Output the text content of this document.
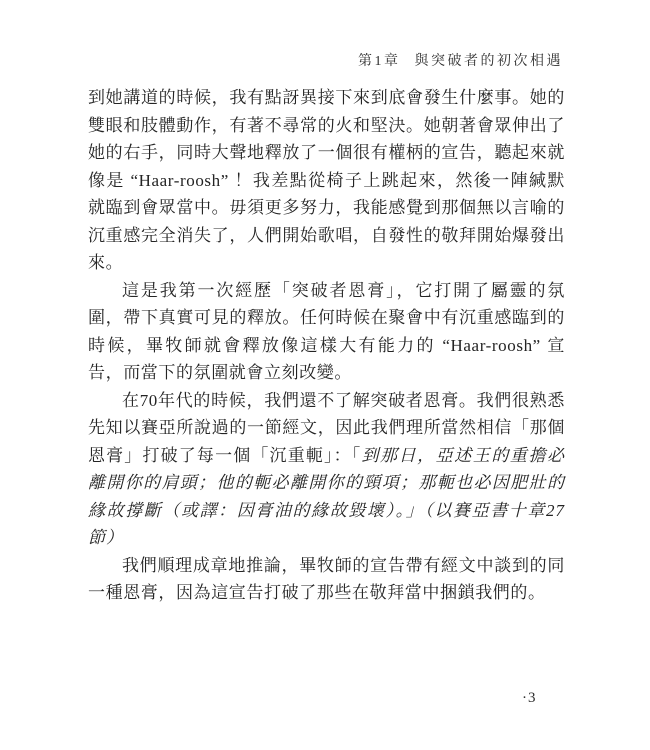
第1章 與突破者的初次相遇

到她講道的時候，我有點訝異接下來到底會發生什麼事。她的雙眼和肢體動作，有著不尋常的火和堅決。她朝著會眾伸出了她的右手，同時大聲地釋放了一個很有權柄的宣告，聽起來就像是 “Haar-roosh” ！我差點從椅子上跳起來，然後一陣緘默就臨到會眾當中。毋須更多努力，我能感覺到那個無以言喻的沉重感完全消失了，人們開始歌唱，自發性的敬拜開始爆發出來。

這是我第一次經歷「突破者恩膏」，它打開了屬靈的氛圍，帶下真實可見的釋放。任何時候在聚會中有沉重感臨到的時候，畢牧師就會釋放像這樣大有能力的 “Haar-roosh” 宣告，而當下的氛圍就會立刻改變。

在70年代的時候，我們還不了解突破者恩膏。我們很熟悉先知以賽亞所說過的一節經文，因此我們理所當然相信「那個恩膏」打破了每一個「沉重軛」：「到那日，亞述王的重擔必離開你的肩頭；他的軛必離開你的頸項；那軛也必因肥壯的緣故撐斷（或譯：因膏油的緣故毀壞）。」（以賽亞書十章27節）

我們順理成章地推論，畢牧師的宣告帶有經文中談到的同一種恩膏，因為這宣告打破了那些在敬拜當中捆鎖我們的。

·3
